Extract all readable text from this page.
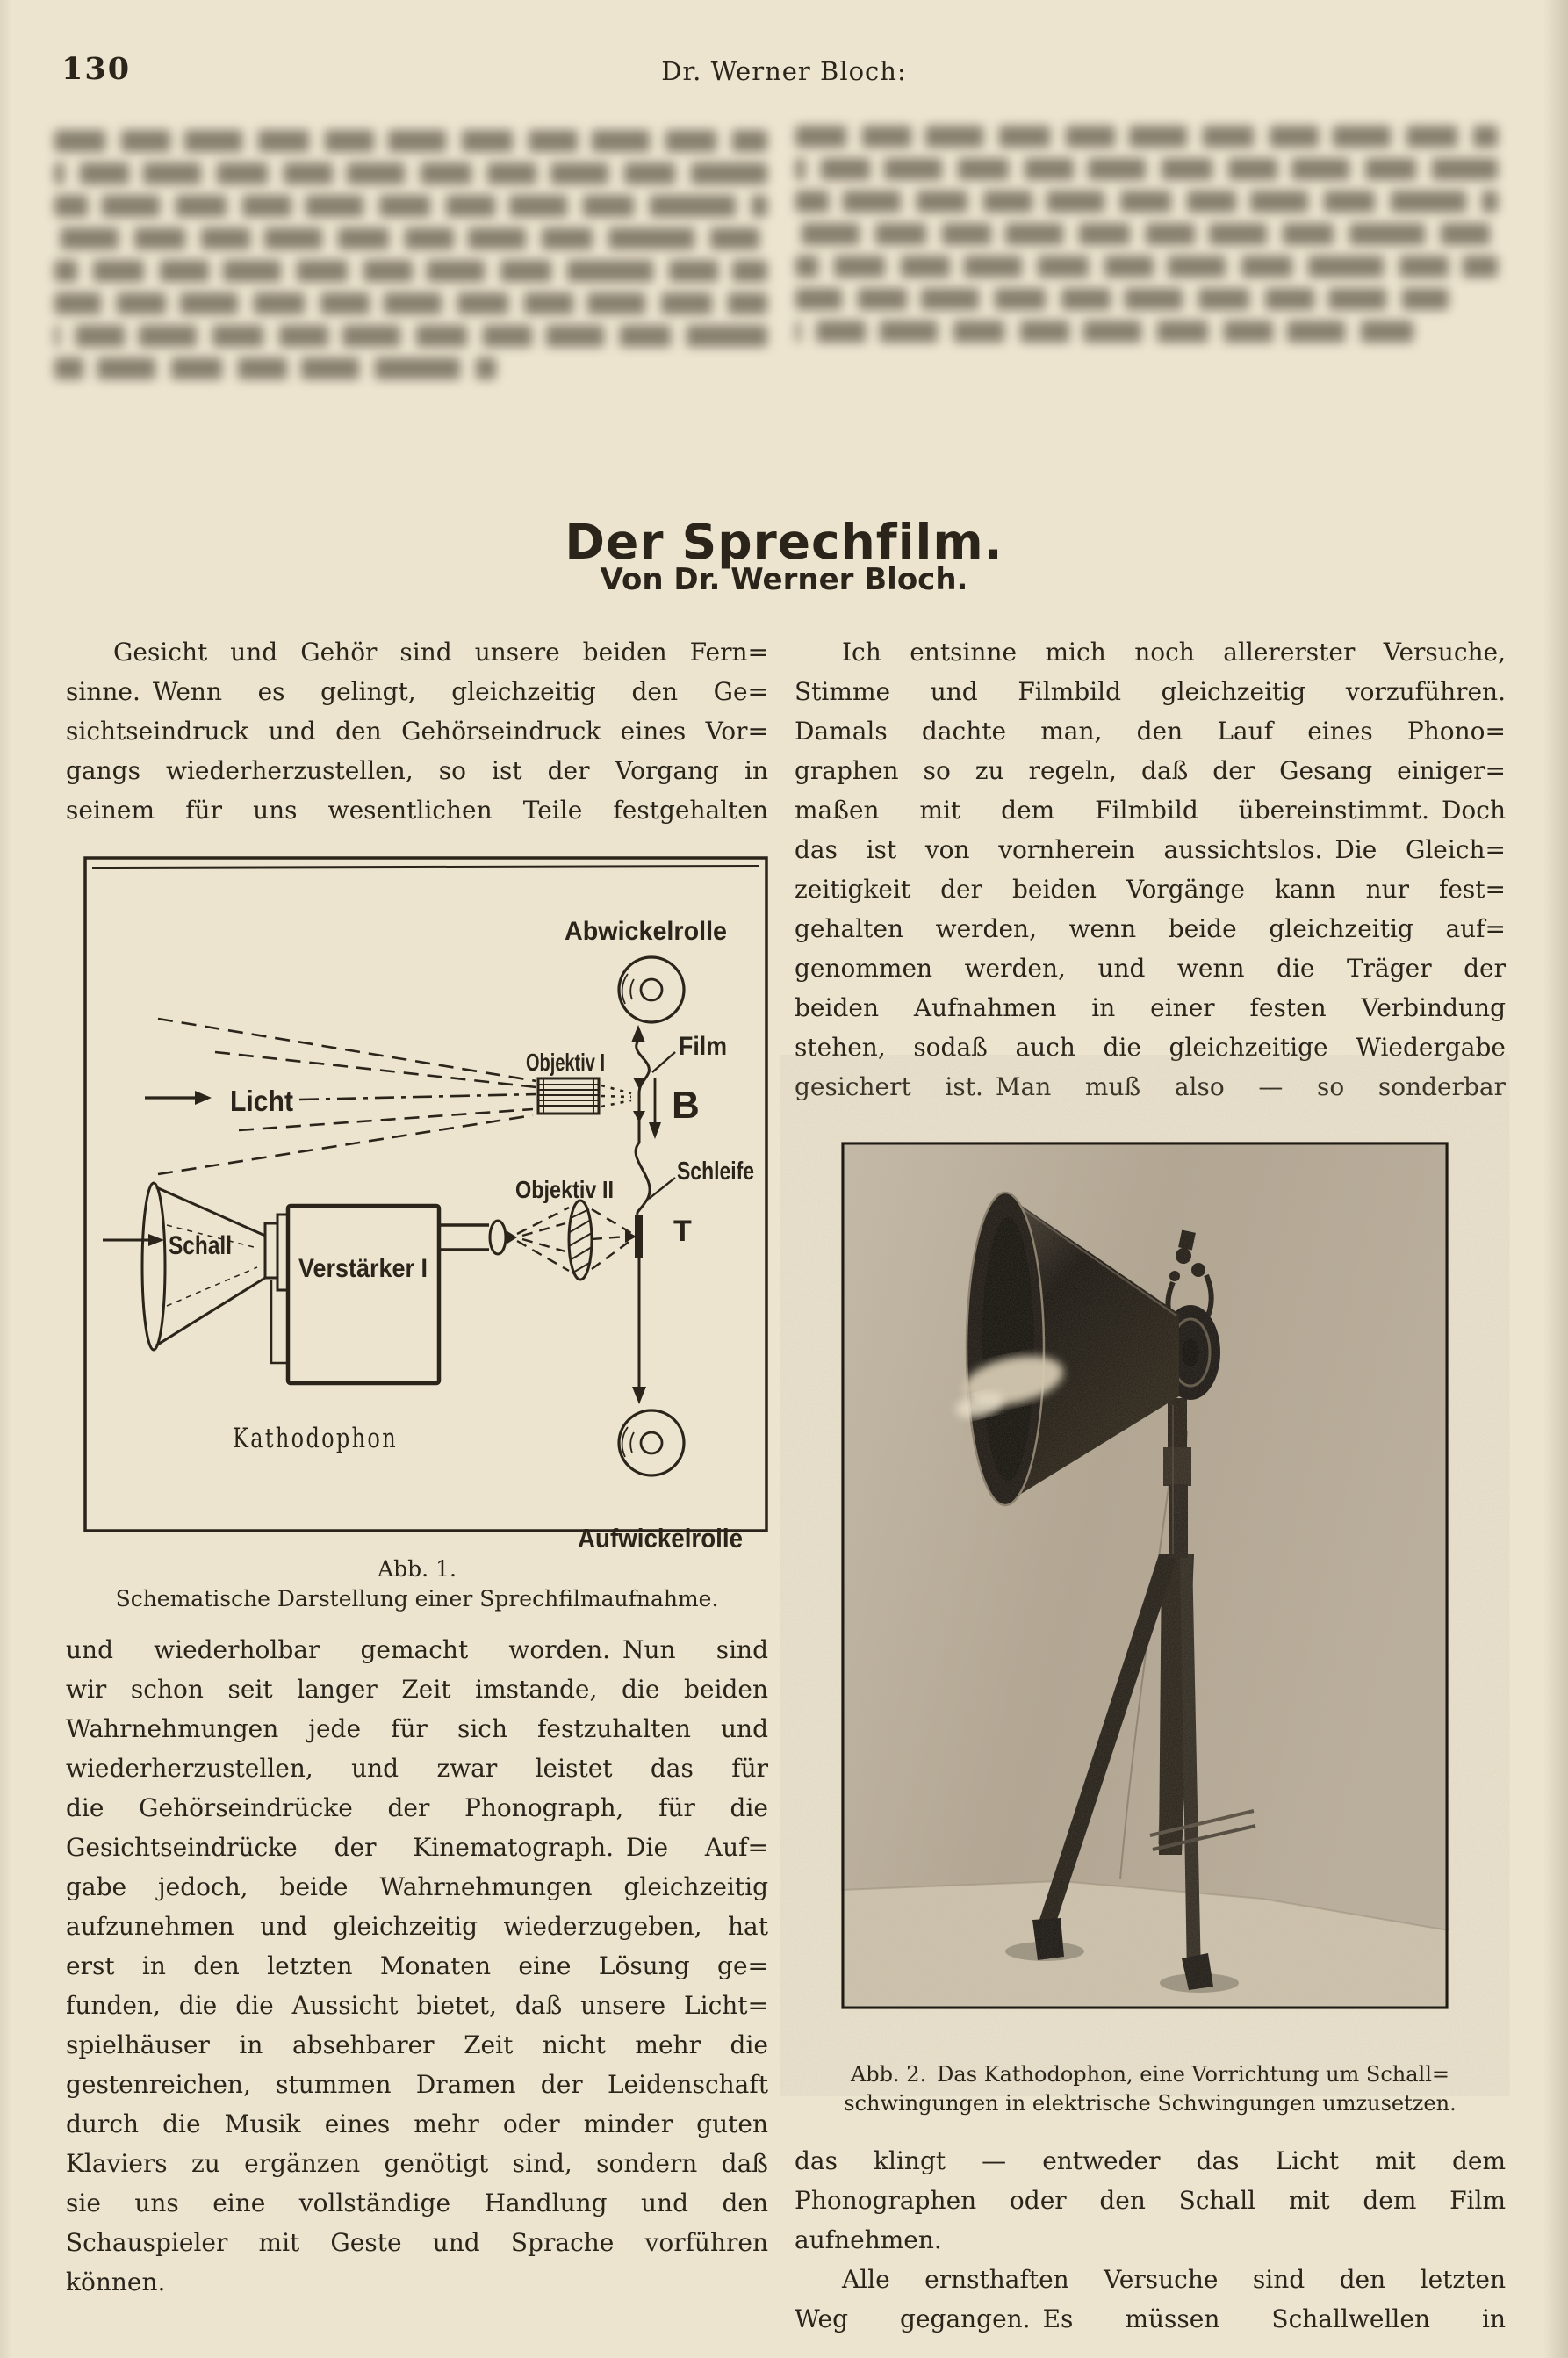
130	Dr. Werner Bloch:
Der Sprechfilm.
Von Dr. Werner Bloch.
Gesicht und Gehör sind unsere beiden Fern=
sinne. Wenn es gelingt, gleichzeitig den Ge=
sichtseindruck und den Gehörseindruck eines Vor=
gangs wiederherzustellen, so ist der Vorgang in
seinem für uns wesentlichen Teile festgehalten
Ich entsinne mich noch allererster Versuche,
Stimme und Filmbild gleichzeitig vorzuführen.
Damals dachte man, den Lauf eines Phono=
graphen so zu regeln, daß der Gesang einiger=
maßen mit dem Filmbild übereinstimmt. Doch
das ist von vornherein aussichtslos. Die Gleich=
zeitigkeit der beiden Vorgänge kann nur fest=
gehalten werden, wenn beide gleichzeitig auf=
genommen werden, und wenn die Träger der
beiden Aufnahmen in einer festen Verbindung
stehen, sodaß auch die gleichzeitige Wiedergabe
gesichert ist. Man muß also — so sonderbar
Abwickelrolle
Film
Objektiv I
Licht	B
Schleife
Objektiv II
Schall
Verstärker I
Kathodophon
T
Aufwickelrolle
Abb. 1.
Schematische Darstellung einer Sprechfilmaufnahme.
und wiederholbar gemacht worden. Nun sind
wir schon seit langer Zeit imstande, die beiden
Wahrnehmungen jede für sich festzuhalten und
wiederherzustellen, und zwar leistet das für
die Gehörseindrücke der Phonograph, für die
Gesichtseindrücke der Kinematograph. Die Auf=
gabe jedoch, beide Wahrnehmungen gleichzeitig
aufzunehmen und gleichzeitig wiederzugeben, hat
erst in den letzten Monaten eine Lösung ge=
funden, die die Aussicht bietet, daß unsere Licht=
spielhäuser in absehbarer Zeit nicht mehr die
gestenreichen, stummen Dramen der Leidenschaft
durch die Musik eines mehr oder minder guten
Klaviers zu ergänzen genötigt sind, sondern daß
sie uns eine vollständige Handlung und den
Schauspieler mit Geste und Sprache vorführen
können.
Abb. 2. Das Kathodophon, eine Vorrichtung um Schall=
schwingungen in elektrische Schwingungen umzusetzen.
das klingt — entweder das Licht mit dem
Phonographen oder den Schall mit dem Film
aufnehmen.
Alle ernsthaften Versuche sind den letzten
Weg gegangen. Es müssen Schallwellen in
